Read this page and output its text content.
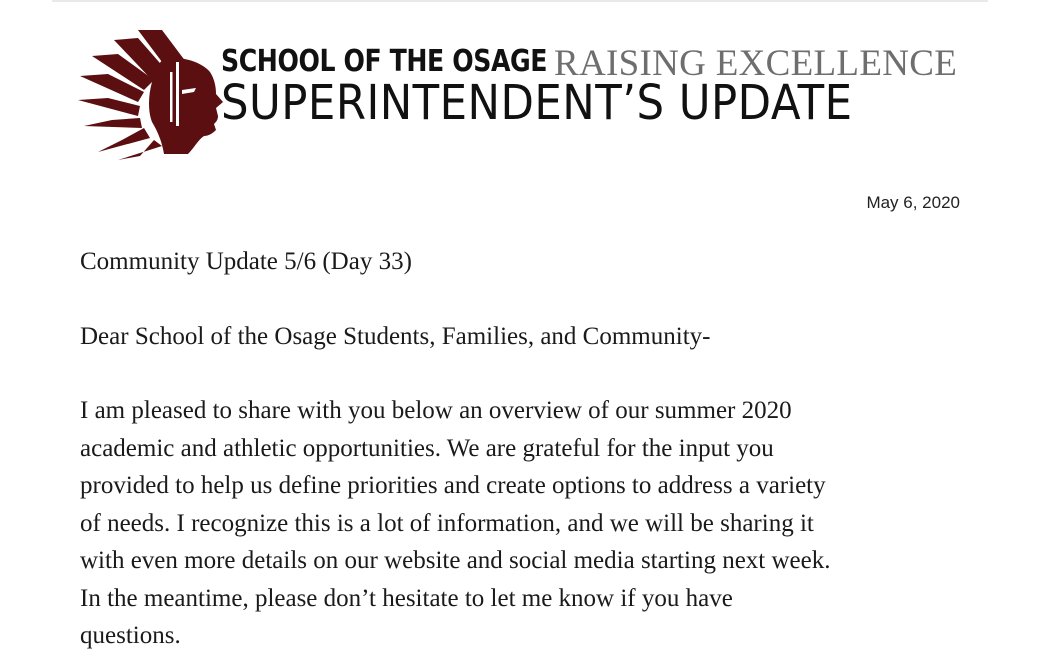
SCHOOL OF THE OSAGE RAISING EXCELLENCE
SUPERINTENDENT’S UPDATE
May 6, 2020

Community Update 5/6 (Day 33)

Dear School of the Osage Students, Families, and Community-

I am pleased to share with you below an overview of our summer 2020

academic and athletic opportunities. We are grateful for the input you

provided to help us define priorities and create options to address a variety

of needs. I recognize this is a lot of information, and we will be sharing it

with even more details on our website and social media starting next week.

In the meantime, please don’t hesitate to let me know if you have

questions.
